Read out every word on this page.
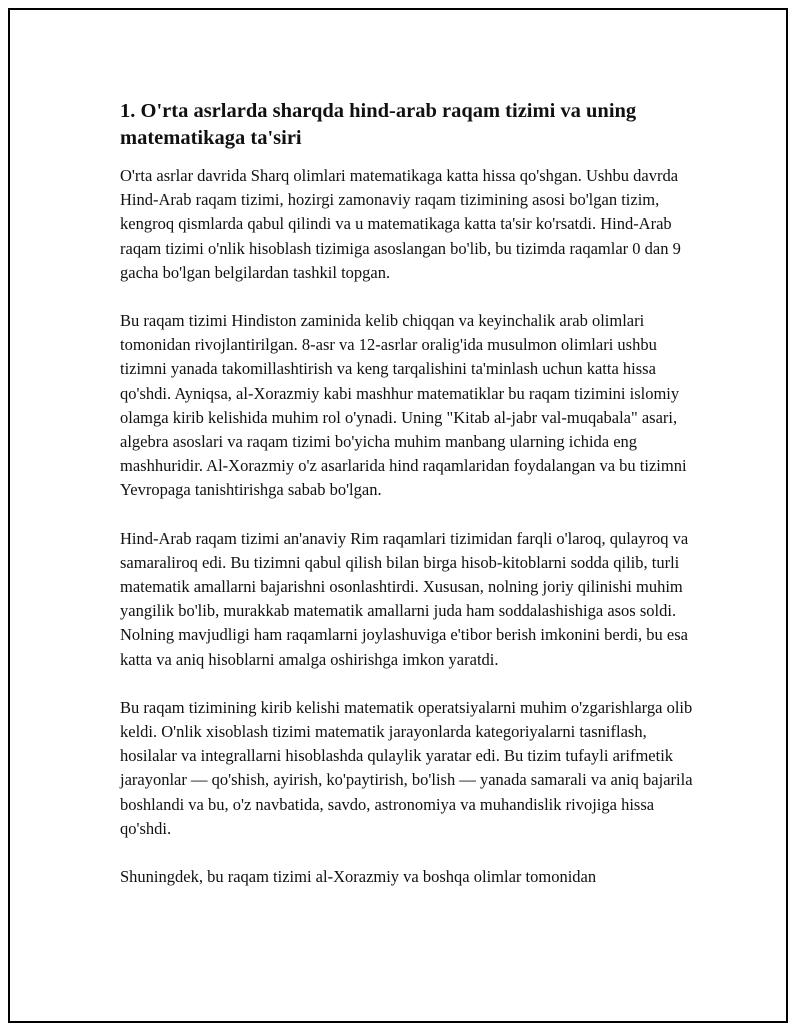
1. O'rta asrlarda sharqda hind-arab raqam tizimi va uning matematikaga ta'siri

O'rta asrlar davrida Sharq olimlari matematikaga katta hissa qo'shgan. Ushbu davrda Hind-Arab raqam tizimi, hozirgi zamonaviy raqam tizimining asosi bo'lgan tizim, kengroq qismlarda qabul qilindi va u matematikaga katta ta'sir ko'rsatdi. Hind-Arab raqam tizimi o'nlik hisoblash tizimiga asoslangan bo'lib, bu tizimda raqamlar 0 dan 9 gacha bo'lgan belgilardan tashkil topgan.

Bu raqam tizimi Hindiston zaminida kelib chiqqan va keyinchalik arab olimlari tomonidan rivojlantirilgan. 8-asr va 12-asrlar oralig'ida musulmon olimlari ushbu tizimni yanada takomillashtirish va keng tarqalishini ta'minlash uchun katta hissa qo'shdi. Ayniqsa, al-Xorazmiy kabi mashhur matematiklar bu raqam tizimini islomiy olamga kirib kelishida muhim rol o'ynadi. Uning "Kitab al-jabr val-muqabala" asari, algebra asoslari va raqam tizimi bo'yicha muhim manbang ularning ichida eng mashhuridir. Al-Xorazmiy o'z asarlarida hind raqamlaridan foydalangan va bu tizimni Yevropaga tanishtirishga sabab bo'lgan.

Hind-Arab raqam tizimi an'anaviy Rim raqamlari tizimidan farqli o'laroq, qulayroq va samaraliroq edi. Bu tizimni qabul qilish bilan birga hisob-kitoblarni sodda qilib, turli matematik amallarni bajarishni osonlashtirdi. Xususan, nolning joriy qilinishi muhim yangilik bo'lib, murakkab matematik amallarni juda ham soddalashishiga asos soldi. Nolning mavjudligi ham raqamlarni joylashuviga e'tibor berish imkonini berdi, bu esa katta va aniq hisoblarni amalga oshirishga imkon yaratdi.

Bu raqam tizimining kirib kelishi matematik operatsiyalarni muhim o'zgarishlarga olib keldi. O'nlik xisoblash tizimi matematik jarayonlarda kategoriyalarni tasniflash, hosilalar va integrallarni hisoblashda qulaylik yaratar edi. Bu tizim tufayli arifmetik jarayonlar — qo'shish, ayirish, ko'paytirish, bo'lish — yanada samarali va aniq bajarila boshlandi va bu, o'z navbatida, savdo, astronomiya va muhandislik rivojiga hissa qo'shdi.

Shuningdek, bu raqam tizimi al-Xorazmiy va boshqa olimlar tomonidan
